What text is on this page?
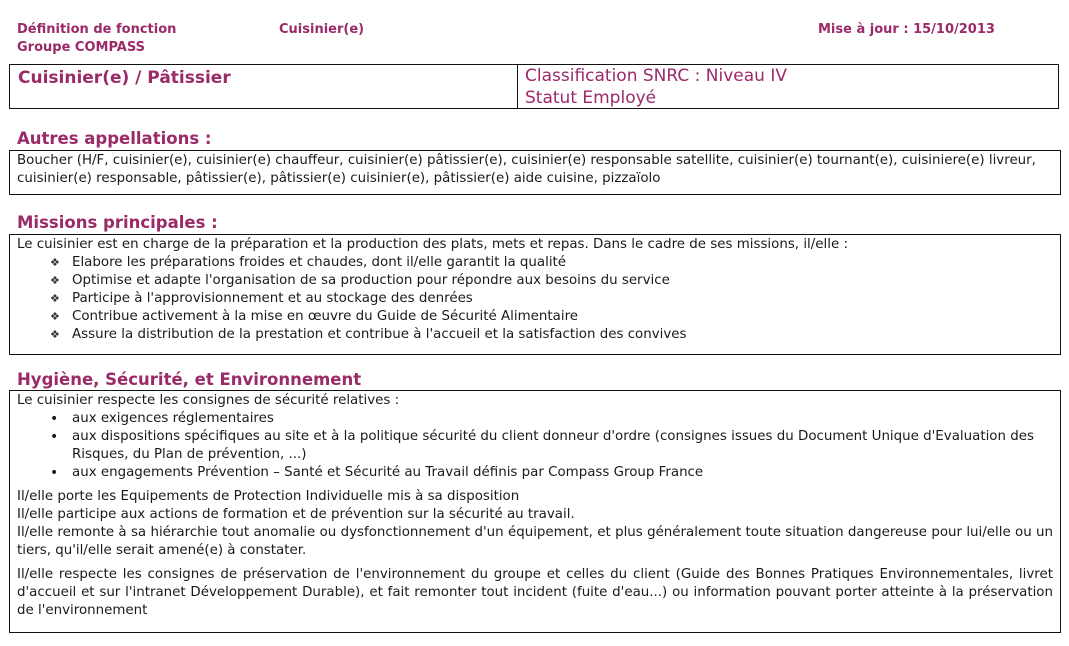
Définition de fonction
Groupe COMPASS
Cuisinier(e)	Mise à jour : 15/10/2013
Cuisinier(e) / Pâtissier	Classification SNRC : Niveau IV
Statut Employé
Autres appellations :

Boucher (H/F, cuisinier(e), cuisinier(e) chauffeur, cuisinier(e) pâtissier(e), cuisinier(e) responsable satellite, cuisinier(e) tournant(e), cuisiniere(e) livreur, cuisinier(e) responsable, pâtissier(e), pâtissier(e) cuisinier(e), pâtissier(e) aide cuisine, pizzaïolo

Missions principales :

Le cuisinier est en charge de la préparation et la production des plats, mets et repas. Dans le cadre de ses missions, il/elle :

❖ Elabore les préparations froides et chaudes, dont il/elle garantit la qualité
❖ Optimise et adapte l'organisation de sa production pour répondre aux besoins du service
❖ Participe à l'approvisionnement et au stockage des denrées
❖ Contribue activement à la mise en œuvre du Guide de Sécurité Alimentaire
❖ Assure la distribution de la prestation et contribue à l'accueil et la satisfaction des convives
Hygiène, Sécurité, et Environnement

Le cuisinier respecte les consignes de sécurité relatives :

• aux exigences réglementaires
• aux dispositions spécifiques au site et à la politique sécurité du client donneur d'ordre (consignes issues du Document Unique d'Evaluation des Risques, du Plan de prévention, ...)
• aux engagements Prévention – Santé et Sécurité au Travail définis par Compass Group France

Il/elle porte les Equipements de Protection Individuelle mis à sa disposition

Il/elle participe aux actions de formation et de prévention sur la sécurité au travail.

Il/elle remonte à sa hiérarchie tout anomalie ou dysfonctionnement d'un équipement, et plus généralement toute situation dangereuse pour lui/elle ou un tiers, qu'il/elle serait amené(e) à constater.

Il/elle respecte les consignes de préservation de l'environnement du groupe et celles du client (Guide des Bonnes Pratiques Environnementales, livret d'accueil et sur l'intranet Développement Durable), et fait remonter tout incident (fuite d'eau...) ou information pouvant porter atteinte à la préservation de l'environnement
